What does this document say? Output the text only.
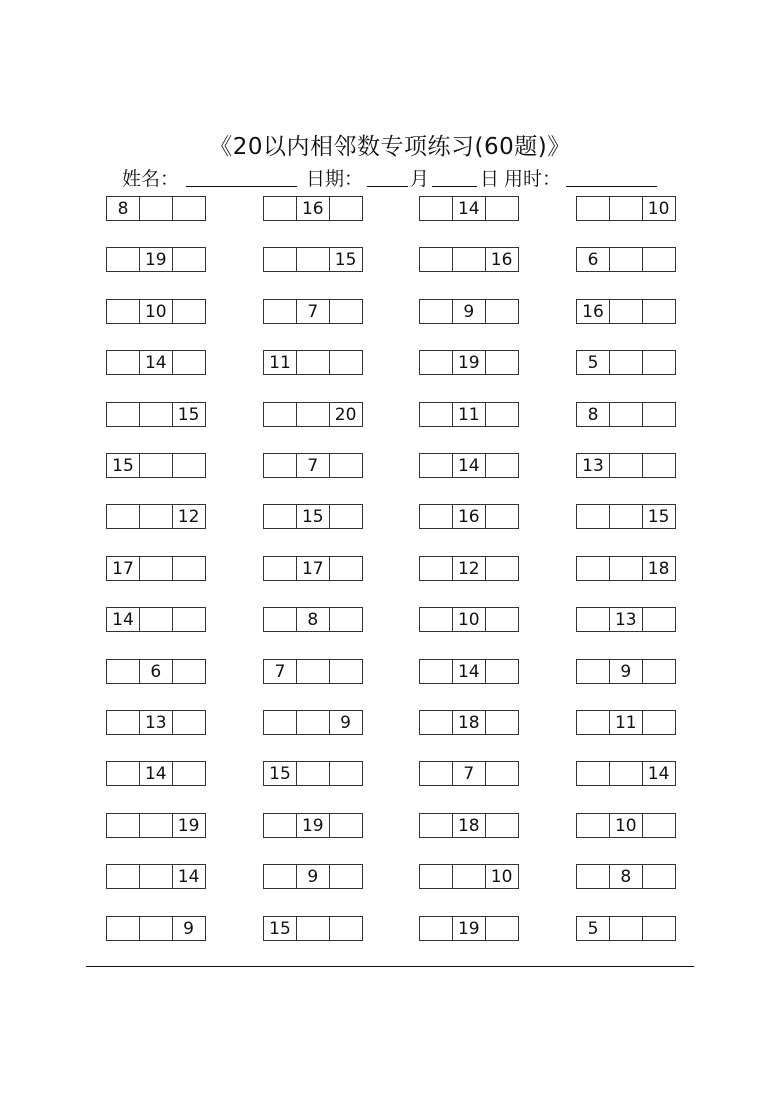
《20以内相邻数专项练习(60题)》
姓名：	日期： 月	日 用时：
8	16	14	10
19	15	16	6
10	7	9	16
14	11	19	5
15	20	11	8
15	7	14	13
12	15	16	15
17	17	12	18
14	8	10	13
6	7	14	9
13	9	18	11
14	15	7	14
19	19	18	10
14	9	10	8
9	15	19	5
